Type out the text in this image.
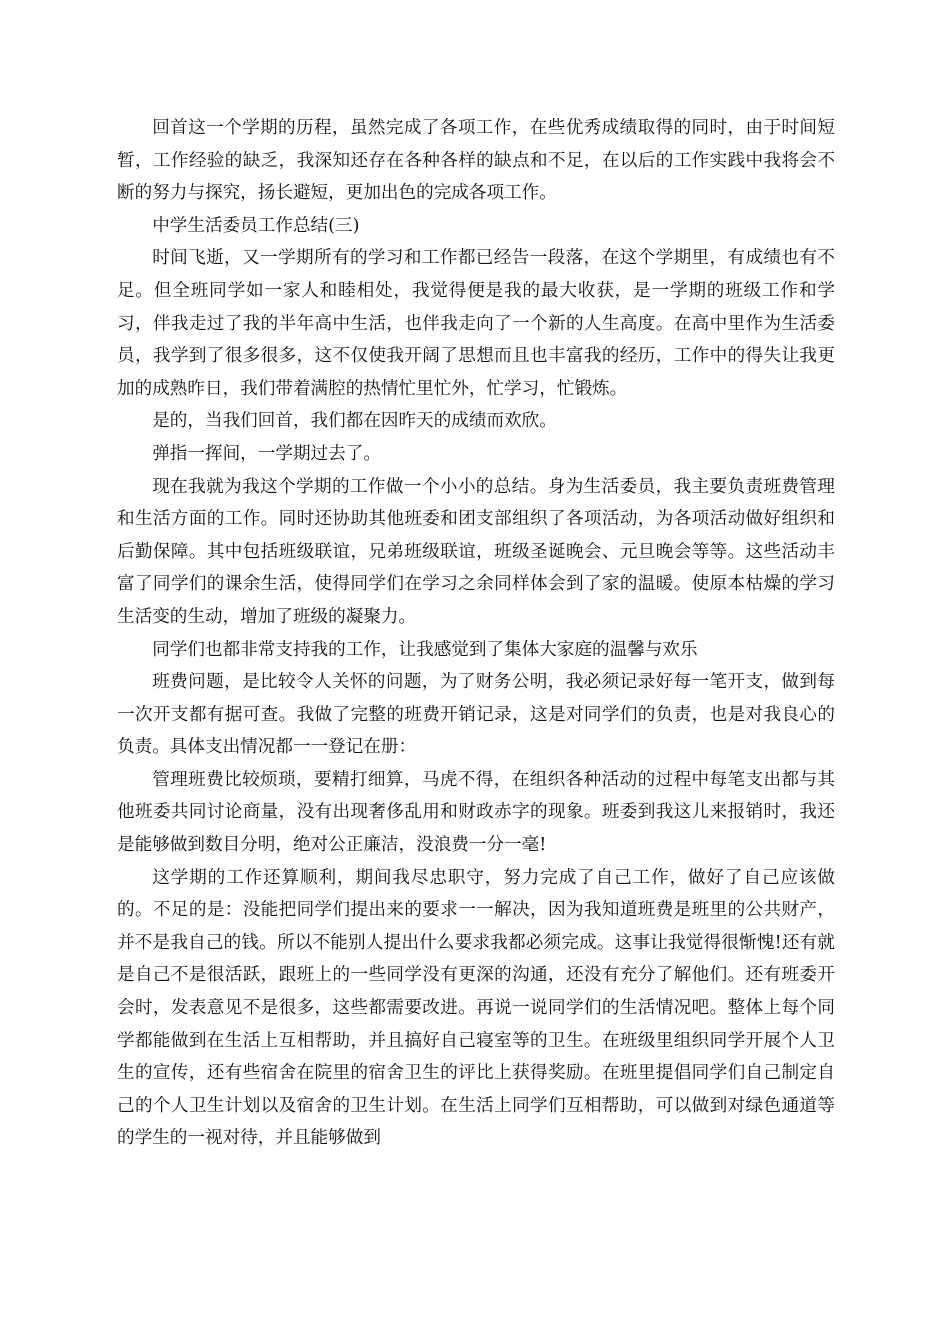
回首这一个学期的历程，虽然完成了各项工作，在些优秀成绩取得的同时，由于时间短暂，工作经验的缺乏，我深知还存在各种各样的缺点和不足，在以后的工作实践中我将会不断的努力与探究，扬长避短，更加出色的完成各项工作。

中学生活委员工作总结(三)

时间飞逝，又一学期所有的学习和工作都已经告一段落，在这个学期里，有成绩也有不足。但全班同学如一家人和睦相处，我觉得便是我的最大收获，是一学期的班级工作和学习，伴我走过了我的半年高中生活，也伴我走向了一个新的人生高度。在高中里作为生活委员，我学到了很多很多，这不仅使我开阔了思想而且也丰富我的经历，工作中的得失让我更加的成熟昨日，我们带着满腔的热情忙里忙外，忙学习，忙锻炼。

是的，当我们回首，我们都在因昨天的成绩而欢欣。

弹指一挥间，一学期过去了。

现在我就为我这个学期的工作做一个小小的总结。身为生活委员，我主要负责班费管理和生活方面的工作。同时还协助其他班委和团支部组织了各项活动，为各项活动做好组织和后勤保障。其中包括班级联谊，兄弟班级联谊，班级圣诞晚会、元旦晚会等等。这些活动丰富了同学们的课余生活，使得同学们在学习之余同样体会到了家的温暖。使原本枯燥的学习生活变的生动，增加了班级的凝聚力。

同学们也都非常支持我的工作，让我感觉到了集体大家庭的温馨与欢乐

班费问题，是比较令人关怀的问题，为了财务公明，我必须记录好每一笔开支，做到每一次开支都有据可查。我做了完整的班费开销记录，这是对同学们的负责，也是对我良心的负责。具体支出情况都一一登记在册：

管理班费比较烦琐，要精打细算，马虎不得，在组织各种活动的过程中每笔支出都与其他班委共同讨论商量，没有出现奢侈乱用和财政赤字的现象。班委到我这儿来报销时，我还是能够做到数目分明，绝对公正廉洁，没浪费一分一毫!

这学期的工作还算顺利，期间我尽忠职守，努力完成了自己工作，做好了自己应该做的。不足的是：没能把同学们提出来的要求一一解决，因为我知道班费是班里的公共财产，并不是我自己的钱。所以不能别人提出什么要求我都必须完成。这事让我觉得很惭愧!还有就是自己不是很活跃，跟班上的一些同学没有更深的沟通，还没有充分了解他们。还有班委开会时，发表意见不是很多，这些都需要改进。再说一说同学们的生活情况吧。整体上每个同学都能做到在生活上互相帮助，并且搞好自己寝室等的卫生。在班级里组织同学开展个人卫生的宣传，还有些宿舍在院里的宿舍卫生的评比上获得奖励。在班里提倡同学们自己制定自己的个人卫生计划以及宿舍的卫生计划。在生活上同学们互相帮助，可以做到对绿色通道等的学生的一视对待，并且能够做到
